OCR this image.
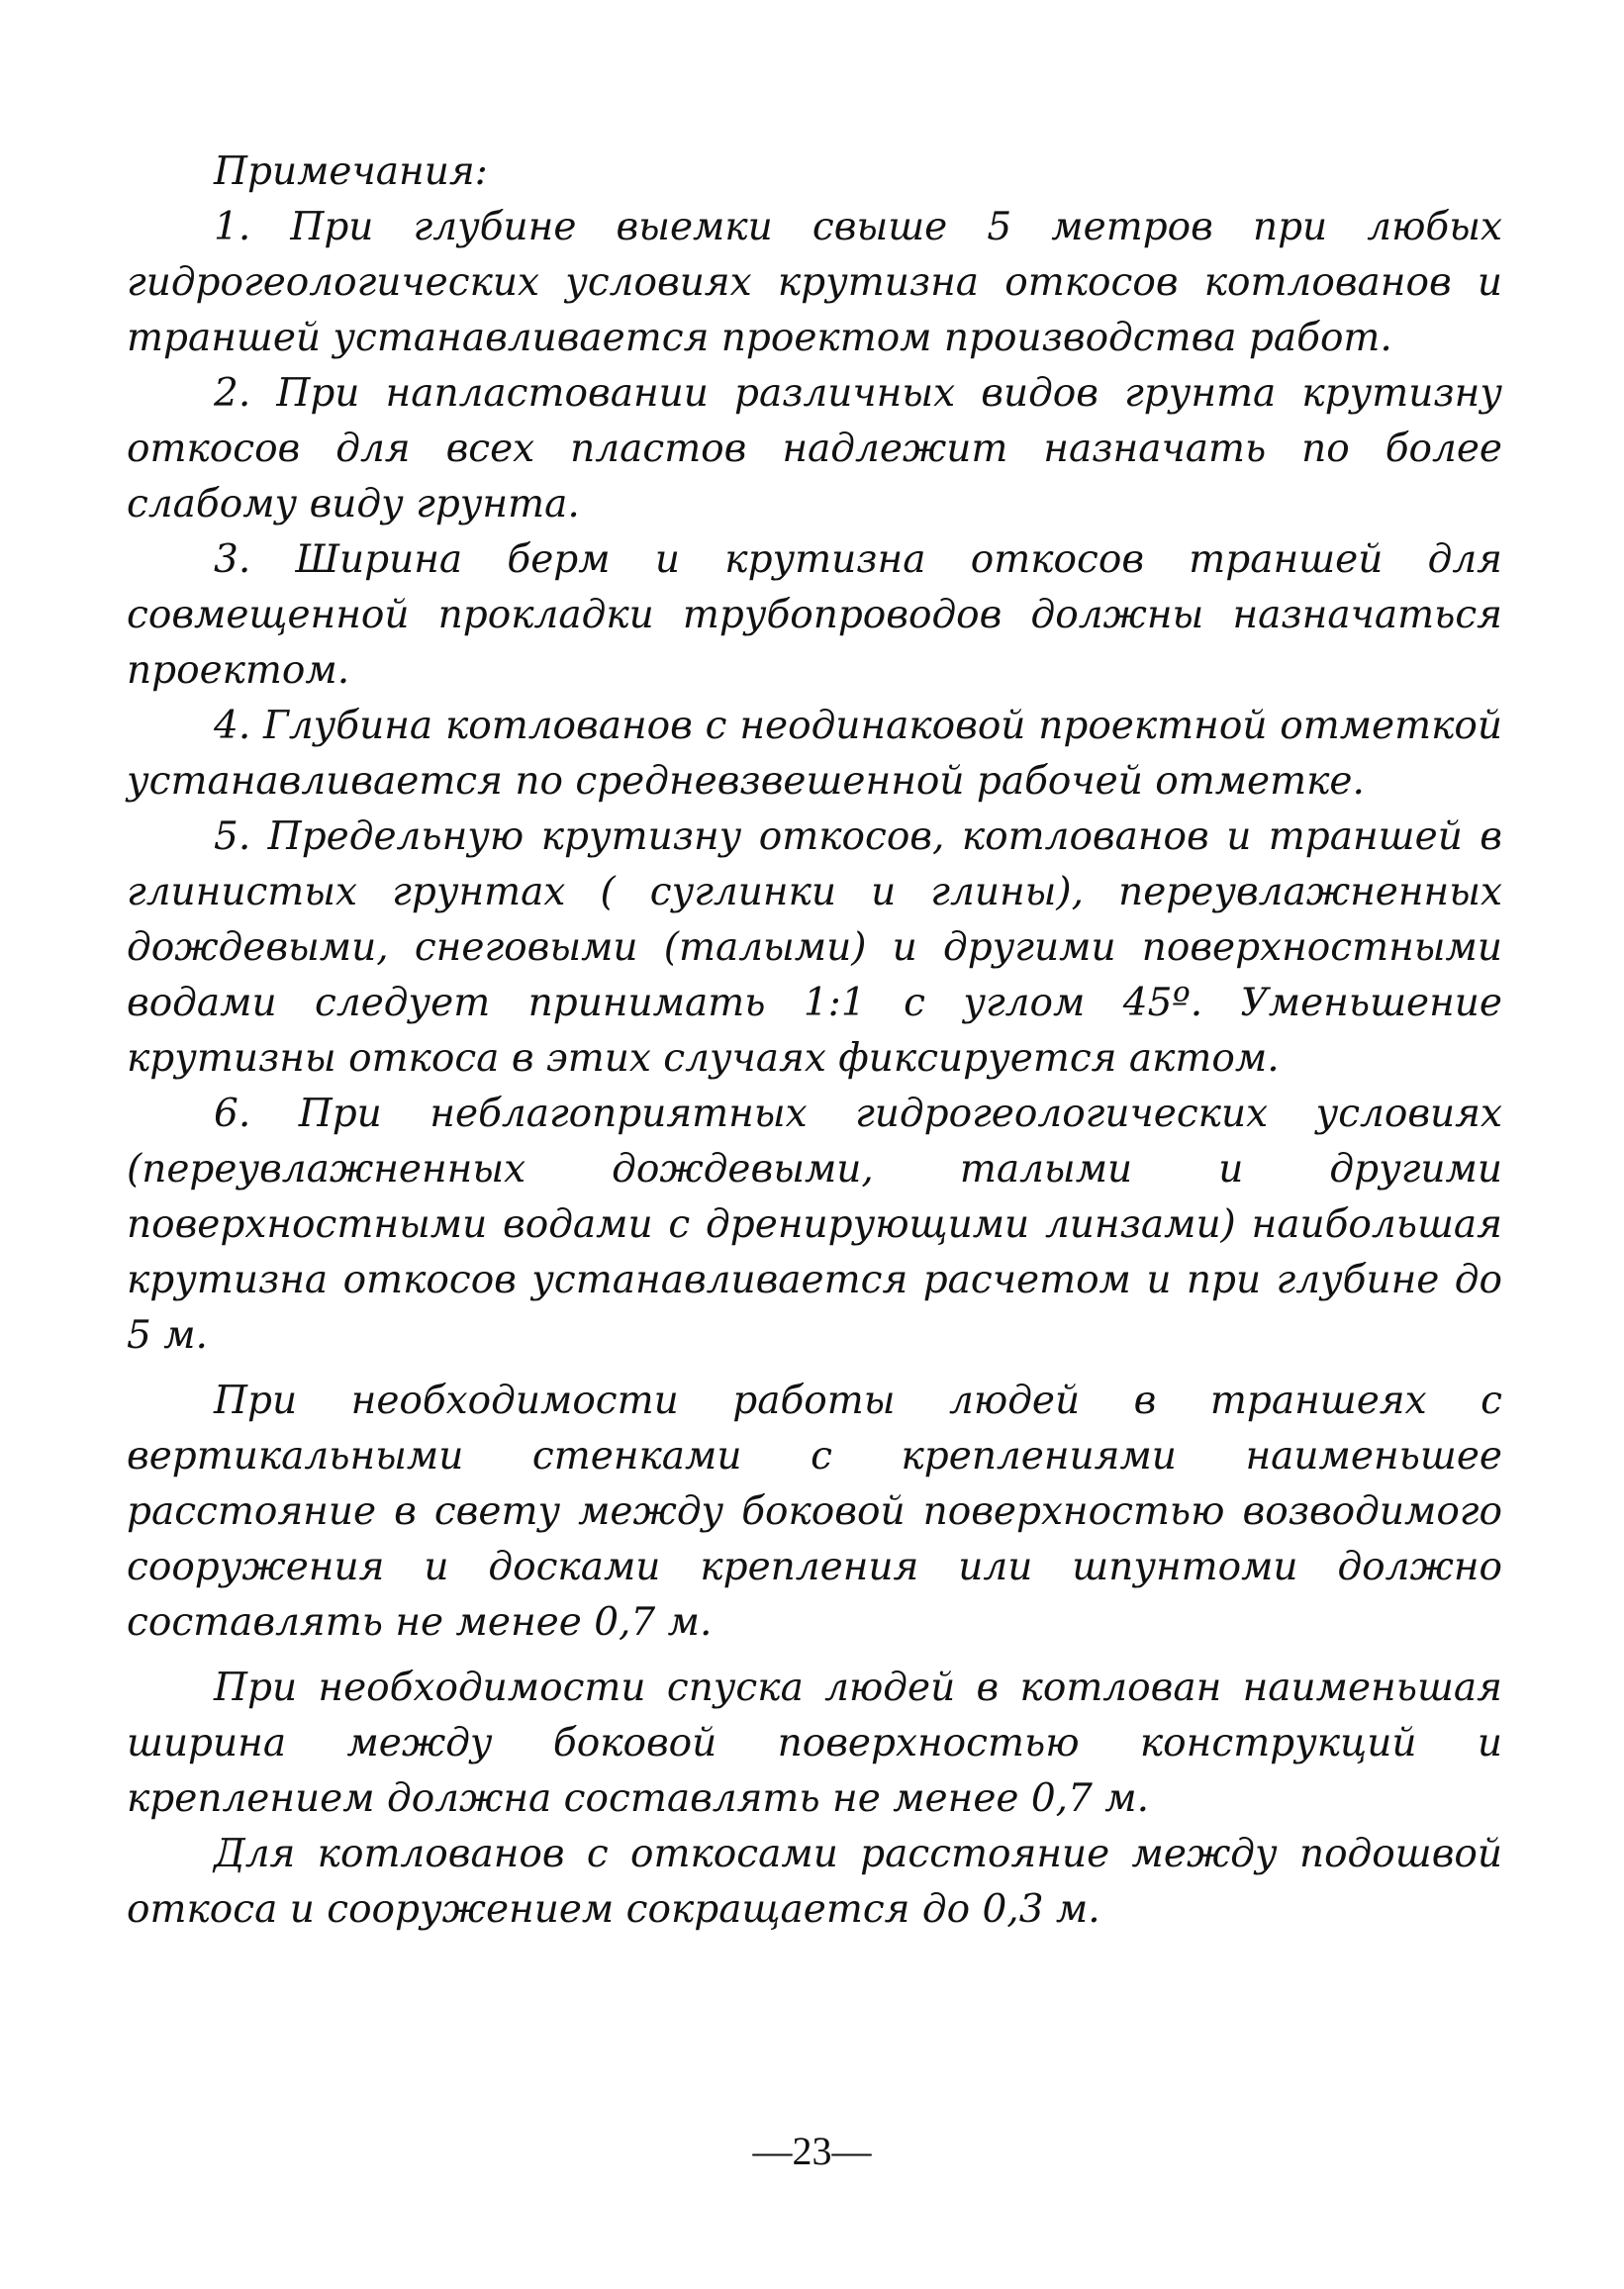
Примечания:

1. При глубине выемки свыше 5 метров при любых гидрогеологических условиях крутизна откосов котлованов и траншей устанавливается проектом производства работ.

2. При напластовании различных видов грунта крутизну откосов для всех пластов надлежит назначать по более слабому виду грунта.

3. Ширина берм и крутизна откосов траншей для совмещенной прокладки трубопроводов должны назначаться проектом.

4. Глубина котлованов с неодинаковой проектной отметкой устанавливается по средневзвешенной рабочей отметке.

5. Предельную крутизну откосов, котлованов и траншей в глинистых грунтах ( суглинки и глины), переувлажненных дождевыми, снеговыми (талыми) и другими поверхностными водами следует принимать 1:1 с углом 45º. Уменьшение крутизны откоса в этих случаях фиксируется актом.

6. При неблагоприятных гидрогеологических условиях (переувлажненных дождевыми, талыми и другими поверхностными водами с дренирующими линзами) наибольшая крутизна откосов устанавливается расчетом и при глубине до 5 м.

При необходимости работы людей в траншеях с вертикальными стенками с креплениями наименьшее расстояние в свету между боковой поверхностью возводимого сооружения и досками крепления или шпунтоми должно составлять не менее 0,7 м.

При необходимости спуска людей в котлован наименьшая ширина между боковой поверхностью конструкций и креплением должна составлять не менее 0,7 м.

Для котлованов с откосами расстояние между подошвой откоса и сооружением сокращается до 0,3 м.

—23—
